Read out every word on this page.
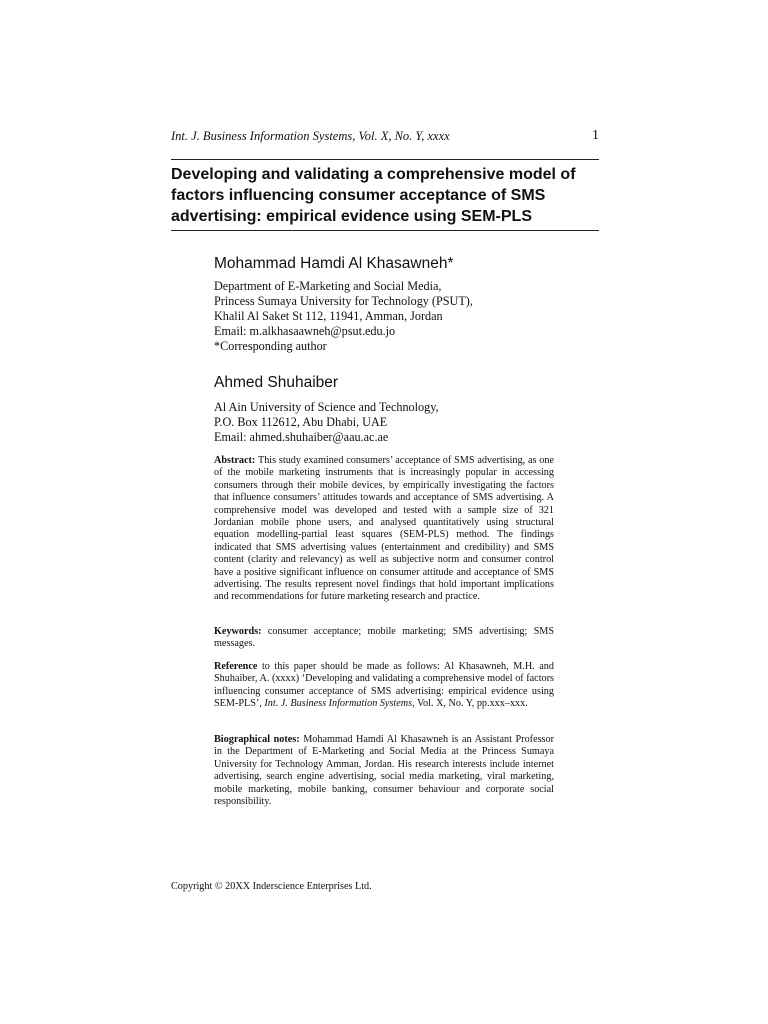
Int. J. Business Information Systems, Vol. X, No. Y, xxxx	1
Developing and validating a comprehensive model of factors influencing consumer acceptance of SMS advertising: empirical evidence using SEM-PLS
Mohammad Hamdi Al Khasawneh*
Department of E-Marketing and Social Media,
Princess Sumaya University for Technology (PSUT),
Khalil Al Saket St 112, 11941, Amman, Jordan
Email: m.alkhasaawneh@psut.edu.jo
*Corresponding author
Ahmed Shuhaiber
Al Ain University of Science and Technology,
P.O. Box 112612, Abu Dhabi, UAE
Email: ahmed.shuhaiber@aau.ac.ae

Abstract: This study examined consumers’ acceptance of SMS advertising, as one of the mobile marketing instruments that is increasingly popular in accessing consumers through their mobile devices, by empirically investigating the factors that influence consumers’ attitudes towards and acceptance of SMS advertising. A comprehensive model was developed and tested with a sample size of 321 Jordanian mobile phone users, and analysed quantitatively using structural equation modelling-partial least squares (SEM-PLS) method. The findings indicated that SMS advertising values (entertainment and credibility) and SMS content (clarity and relevancy) as well as subjective norm and consumer control have a positive significant influence on consumer attitude and acceptance of SMS advertising. The results represent novel findings that hold important implications and recommendations for future marketing research and practice.

Keywords: consumer acceptance; mobile marketing; SMS advertising; SMS messages.

Reference to this paper should be made as follows: Al Khasawneh, M.H. and Shuhaiber, A. (xxxx) ‘Developing and validating a comprehensive model of factors influencing consumer acceptance of SMS advertising: empirical evidence using SEM-PLS’, Int. J. Business Information Systems, Vol. X, No. Y, pp.xxx–xxx.

Biographical notes: Mohammad Hamdi Al Khasawneh is an Assistant Professor in the Department of E-Marketing and Social Media at the Princess Sumaya University for Technology Amman, Jordan. His research interests include internet advertising, search engine advertising, social media marketing, viral marketing, mobile marketing, mobile banking, consumer behaviour and corporate social responsibility.

Copyright © 20XX Inderscience Enterprises Ltd.
